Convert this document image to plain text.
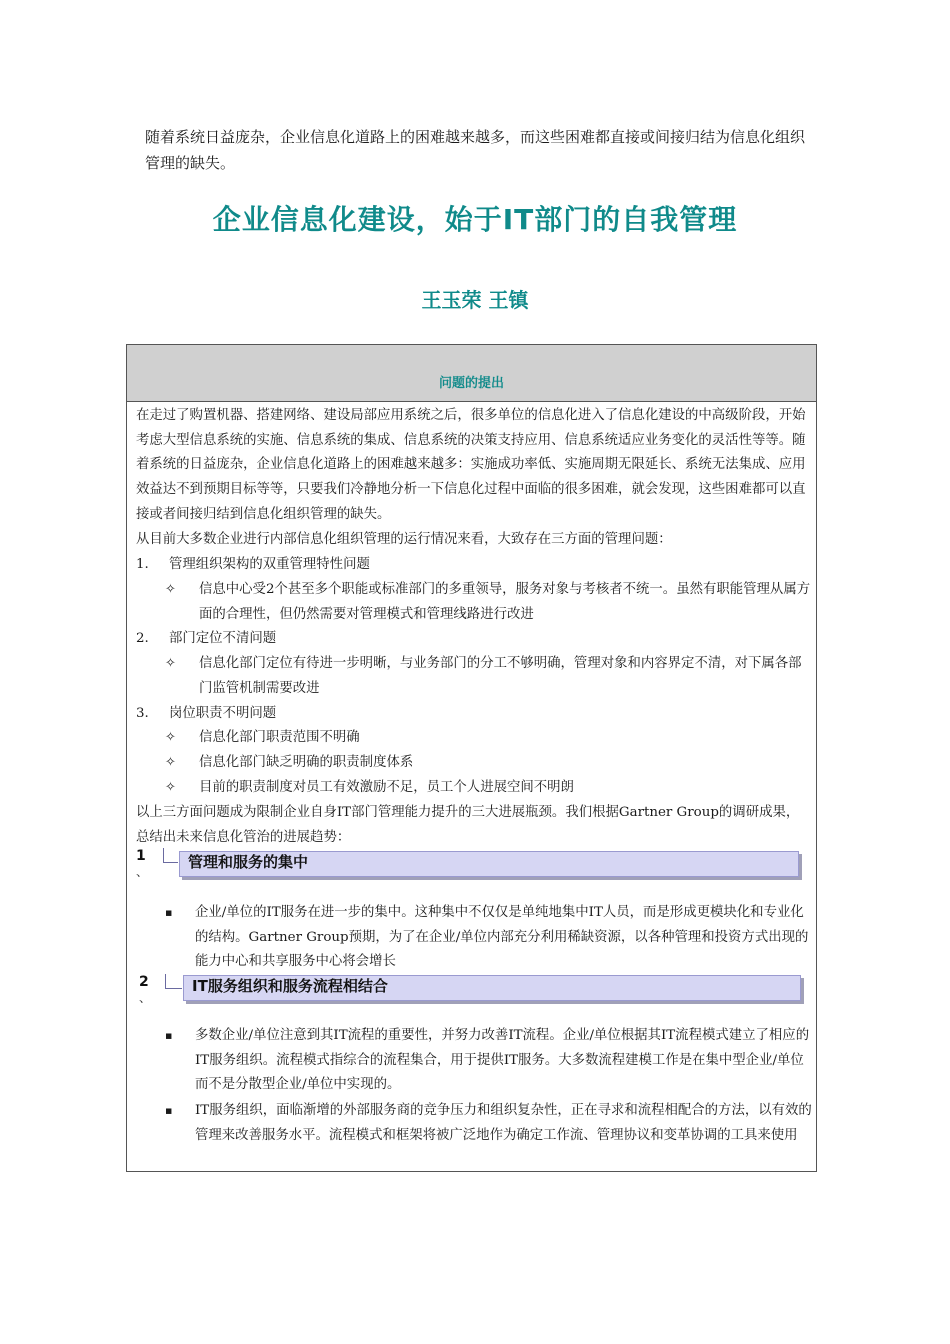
随着系统日益庞杂，企业信息化道路上的困难越来越多，而这些困难都直接或间接归结为信息化组织管理的缺失。

企业信息化建设，始于IT部门的自我管理
王玉荣 王镇
问题的提出

在走过了购置机器、搭建网络、建设局部应用系统之后，很多单位的信息化进入了信息化建设的中高级阶段，开始考虑大型信息系统的实施、信息系统的集成、信息系统的决策支持应用、信息系统适应业务变化的灵活性等等。随着系统的日益庞杂，企业信息化道路上的困难越来越多：实施成功率低、实施周期无限延长、系统无法集成、应用效益达不到预期目标等等，只要我们冷静地分析一下信息化过程中面临的很多困难，就会发现，这些困难都可以直接或者间接归结到信息化组织管理的缺失。

从目前大多数企业进行内部信息化组织管理的运行情况来看，大致存在三方面的管理问题：

1. 管理组织架构的双重管理特性问题
✧ 信息中心受2个甚至多个职能或标准部门的多重领导，服务对象与考核者不统一。虽然有职能管理从属方面的合理性，但仍然需要对管理模式和管理线路进行改进
2. 部门定位不清问题
✧ 信息化部门定位有待进一步明晰，与业务部门的分工不够明确，管理对象和内容界定不清，对下属各部门监管机制需要改进
3. 岗位职责不明问题
✧ 信息化部门职责范围不明确
✧ 信息化部门缺乏明确的职责制度体系
✧ 目前的职责制度对员工有效激励不足，员工个人进展空间不明朗

以上三方面问题成为限制企业自身IT部门管理能力提升的三大进展瓶颈。我们根据Gartner Group的调研成果，总结出未来信息化管治的进展趋势：

1
、
管理和服务的集中
▪ 企业/单位的IT服务在进一步的集中。这种集中不仅仅是单纯地集中IT人员，而是形成更模块化和专业化的结构。Gartner Group预期，为了在企业/单位内部充分利用稀缺资源，以各种管理和投资方式出现的能力中心和共享服务中心将会增长
2
、
IT服务组织和服务流程相结合
▪ 多数企业/单位注意到其IT流程的重要性，并努力改善IT流程。企业/单位根据其IT流程模式建立了相应的IT服务组织。流程模式指综合的流程集合，用于提供IT服务。大多数流程建模工作是在集中型企业/单位而不是分散型企业/单位中实现的。
▪ IT服务组织，面临渐增的外部服务商的竞争压力和组织复杂性，正在寻求和流程相配合的方法，以有效的管理来改善服务水平。流程模式和框架将被广泛地作为确定工作流、管理协议和变革协调的工具来使用
